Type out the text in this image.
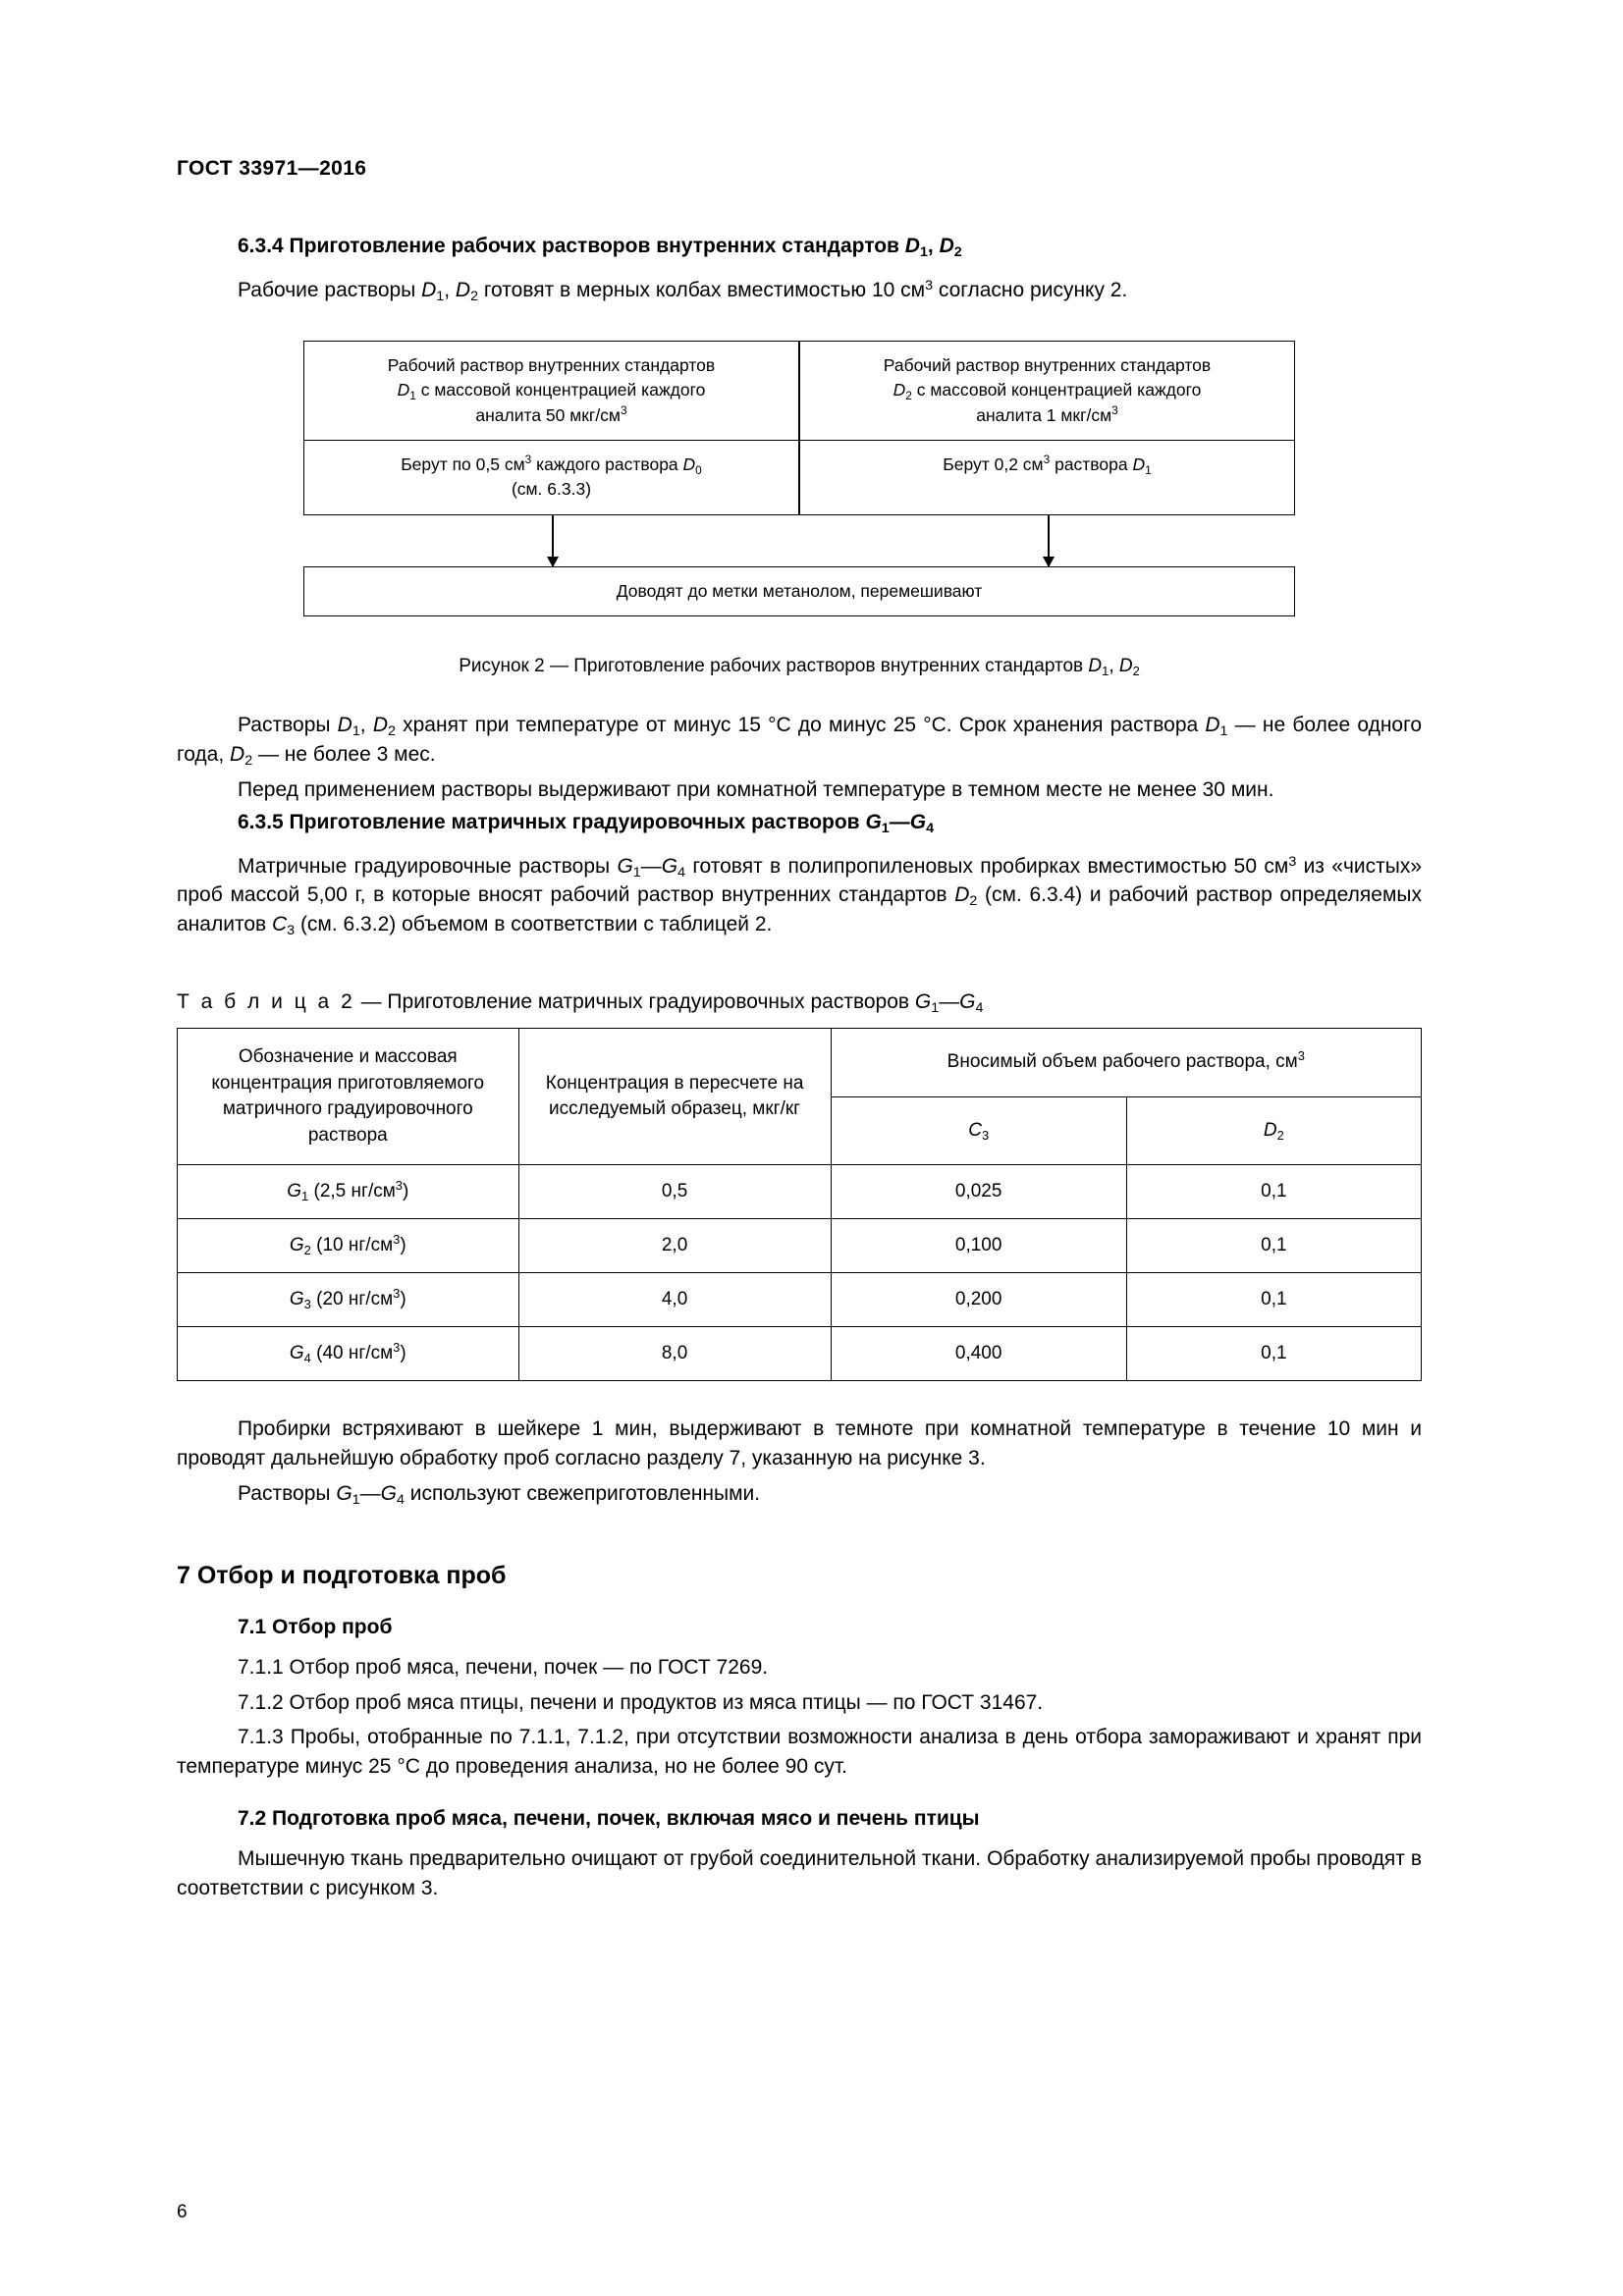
ГОСТ 33971—2016
6.3.4 Приготовление рабочих растворов внутренних стандартов $D_1$, $D_2$

Рабочие растворы $D_1$, $D_2$ готовят в мерных колбах вместимостью 10 $см^3$ согласно рисунку 2.

Рабочий раствор внутренних стандартов
$D_1$ с массовой концентрацией каждого
аналита 50 мкг/$см^3$
Рабочий раствор внутренних стандартов
$D_2$ с массовой концентрацией каждого
аналита 1 мкг/$см^3$
Берут по 0,5 $см^3$ каждого раствора $D_0$
(см. 6.3.3)
Берут 0,2 $см^3$ раствора $D_1$
Доводят до метки метанолом, перемешивают
Рисунок 2 — Приготовление рабочих растворов внутренних стандартов $D_1$, $D_2$

Растворы $D_1$, $D_2$ хранят при температуре от минус 15 °С до минус 25 °С. Срок хранения раствора $D_1$ — не более одного года, $D_2$ — не более 3 мес.

Перед применением растворы выдерживают при комнатной температуре в темном месте не менее 30 мин.

6.3.5 Приготовление матричных градуировочных растворов $G_1—G_4$

Матричные градуировочные растворы $G_1—G_4$ готовят в полипропиленовых пробирках вместимостью 50 $см^3$ из «чистых» проб массой 5,00 г, в которые вносят рабочий раствор внутренних стандартов $D_2$ (см. 6.3.4) и рабочий раствор определяемых аналитов $C_3$ (см. 6.3.2) объемом в соответствии с таблицей 2.

Т а б л и ц а 2 — Приготовление матричных градуировочных растворов $G_1—G_4$
Обозначение и массовая концентрация приготовляемого матричного градуировочного раствора	Концентрация в пересчете на исследуемый образец, мкг/кг	Вносимый объем рабочего раствора, $см^3$
		$C_3$	$D_2$
$G_1$ (2,5 $нг/см^3$)	0,5	0,025	0,1
$G_2$ (10 $нг/см^3$)	2,0	0,100	0,1
$G_3$ (20 $нг/см^3$)	4,0	0,200	0,1
$G_4$ (40 $нг/см^3$)	8,0	0,400	0,1

Пробирки встряхивают в шейкере 1 мин, выдерживают в темноте при комнатной температуре в течение 10 мин и проводят дальнейшую обработку проб согласно разделу 7, указанную на рисунке 3.

Растворы $G_1—G_4$ используют свежеприготовленными.

7 Отбор и подготовка проб
7.1 Отбор проб

7.1.1 Отбор проб мяса, печени, почек — по ГОСТ 7269.

7.1.2 Отбор проб мяса птицы, печени и продуктов из мяса птицы — по ГОСТ 31467.

7.1.3 Пробы, отобранные по 7.1.1, 7.1.2, при отсутствии возможности анализа в день отбора замораживают и хранят при температуре минус 25 °С до проведения анализа, но не более 90 сут.

7.2 Подготовка проб мяса, печени, почек, включая мясо и печень птицы

Мышечную ткань предварительно очищают от грубой соединительной ткани. Обработку анализируемой пробы проводят в соответствии с рисунком 3.

6
